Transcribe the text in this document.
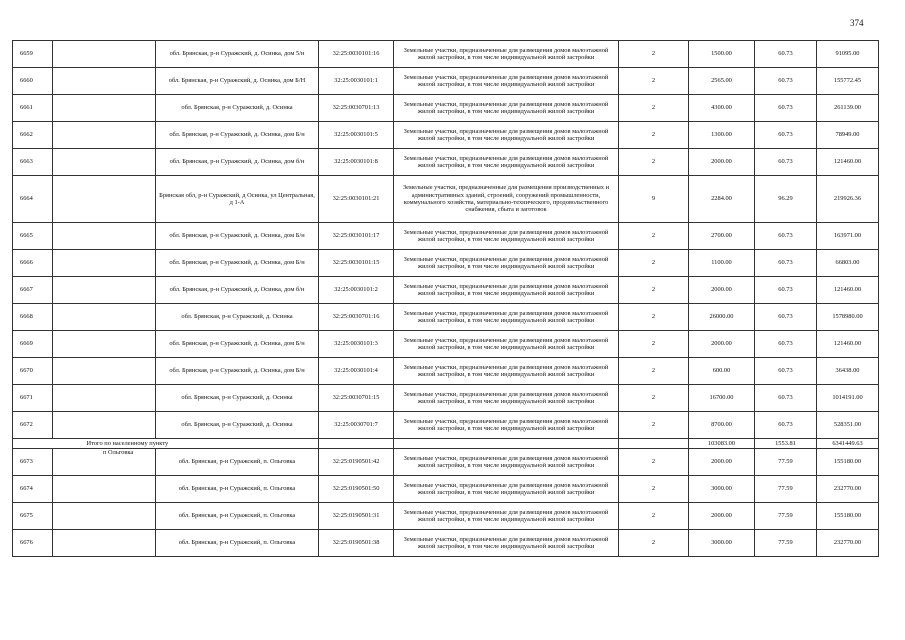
374
6659		обл. Брянская, р-н Суражский, д. Осинка, дом 5/н	32:25:0030101:16	Земельные участки, предназначенные для размещения домов малоэтажной жилой застройки, в том числе индивидуальной жилой застройки	2	1500.00	60.73	91095.00
6660		обл. Брянская, р-н Суражский, д. Осинка, дом Б/Н	32:25:0030101:1	Земельные участки, предназначенные для размещения домов малоэтажной жилой застройки, в том числе индивидуальной жилой застройки	2	2565.00	60.73	155772.45
6661		обл. Брянская, р-н Суражский, д. Осинка	32:25:0030701:13	Земельные участки, предназначенные для размещения домов малоэтажной жилой застройки, в том числе индивидуальной жилой застройки	2	4300.00	60.73	261139.00
6662		обл. Брянская, р-н Суражский, д. Осинка, дом Б/н	32:25:0030101:5	Земельные участки, предназначенные для размещения домов малоэтажной жилой застройки, в том числе индивидуальной жилой застройки	2	1300.00	60.73	78949.00
6663		обл. Брянская, р-н Суражский, д. Осинка, дом б/н	32:25:0030101:8	Земельные участки, предназначенные для размещения домов малоэтажной жилой застройки, в том числе индивидуальной жилой застройки	2	2000.00	60.73	121460.00
6664		Брянская обл, р-н Суражский, д Осинка, ул Центральная, д 1-А	32:25:0030101:21	Земельные участки, предназначенные для размещения производственных и административных зданий, строений, сооружений промышленности, коммунального хозяйства, материально-технического, продовольственного снабжения, сбыта и заготовок	9	2284.00	96.29	219926.36
6665		обл. Брянская, р-н Суражский, д. Осинка, дом Б/н	32:25:0030101:17	Земельные участки, предназначенные для размещения домов малоэтажной жилой застройки, в том числе индивидуальной жилой застройки	2	2700.00	60.73	163971.00
6666		обл. Брянская, р-н Суражский, д. Осинка, дом Б/н	32:25:0030101:15	Земельные участки, предназначенные для размещения домов малоэтажной жилой застройки, в том числе индивидуальной жилой застройки	2	1100.00	60.73	66803.00
6667		обл. Брянская, р-н Суражский, д. Осинка, дом б/н	32:25:0030101:2	Земельные участки, предназначенные для размещения домов малоэтажной жилой застройки, в том числе индивидуальной жилой застройки	2	2000.00	60.73	121460.00
6668		обл. Брянская, р-н Суражский, д. Осинка	32:25:0030701:16	Земельные участки, предназначенные для размещения домов малоэтажной жилой застройки, в том числе индивидуальной жилой застройки	2	26000.00	60.73	1578980.00
6669		обл. Брянская, р-н Суражский, д. Осинка, дом Б/н	32:25:0030101:3	Земельные участки, предназначенные для размещения домов малоэтажной жилой застройки, в том числе индивидуальной жилой застройки	2	2000.00	60.73	121460.00
6670		обл. Брянская, р-н Суражский, д. Осинка, дом Б/н	32:25:0030101:4	Земельные участки, предназначенные для размещения домов малоэтажной жилой застройки, в том числе индивидуальной жилой застройки	2	600.00	60.73	36438.00
6671		обл. Брянская, р-н Суражский, д. Осинка	32:25:0030701:15	Земельные участки, предназначенные для размещения домов малоэтажной жилой застройки, в том числе индивидуальной жилой застройки	2	16700.00	60.73	1014191.00
6672		обл. Брянская, р-н Суражский, д. Осинка	32:25:0030701:7	Земельные участки, предназначенные для размещения домов малоэтажной жилой застройки, в том числе индивидуальной жилой застройки	2	8700.00	60.73	528351.00
	Итого по населенному пункту					103083.00	1553.81	6341449.63
6673	п Ольговка	обл. Брянская, р-н Суражский, п. Ольговка	32:25:0190501:42	Земельные участки, предназначенные для размещения домов малоэтажной жилой застройки, в том числе индивидуальной жилой застройки	2	2000.00	77.59	155180.00
6674		обл. Брянская, р-н Суражский, п. Ольговка	32:25:0190501:50	Земельные участки, предназначенные для размещения домов малоэтажной жилой застройки, в том числе индивидуальной жилой застройки	2	3000.00	77.59	232770.00
6675		обл. Брянская, р-н Суражский, п. Ольговка	32:25:0190501:31	Земельные участки, предназначенные для размещения домов малоэтажной жилой застройки, в том числе индивидуальной жилой застройки	2	2000.00	77.59	155180.00
6676		обл. Брянская, р-н Суражский, п. Ольговка	32:25:0190501:38	Земельные участки, предназначенные для размещения домов малоэтажной жилой застройки, в том числе индивидуальной жилой застройки	2	3000.00	77.59	232770.00
